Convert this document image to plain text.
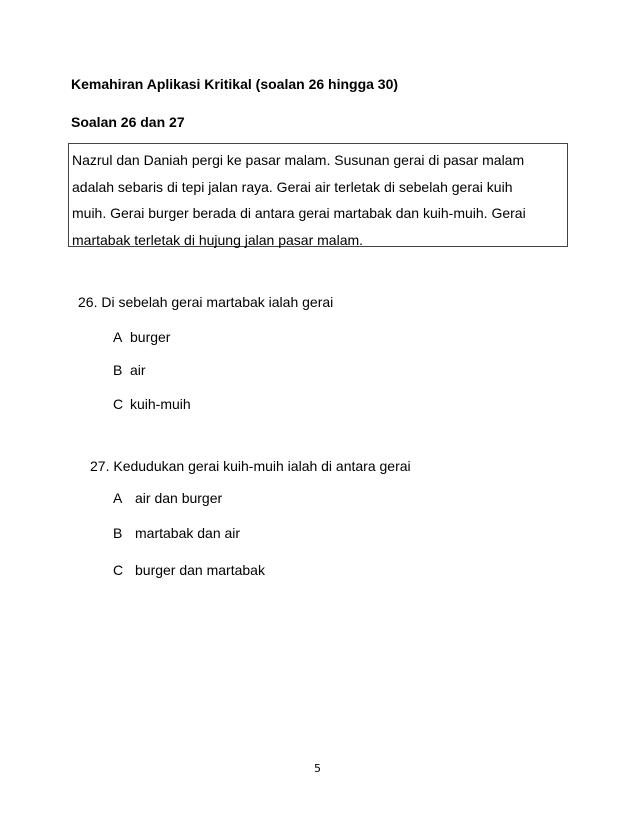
Kemahiran Aplikasi Kritikal (soalan 26 hingga 30)
Soalan 26 dan 27
Nazrul dan Daniah pergi ke pasar malam. Susunan gerai di pasar malam
adalah sebaris di tepi jalan raya. Gerai air terletak di sebelah gerai kuih
muih. Gerai burger berada di antara gerai martabak dan kuih-muih. Gerai
martabak terletak di hujung jalan pasar malam.
26. Di sebelah gerai martabak ialah gerai
A burger
B air
C kuih-muih
27. Kedudukan gerai kuih-muih ialah di antara gerai
A air dan burger
B martabak dan air
C burger dan martabak
5
